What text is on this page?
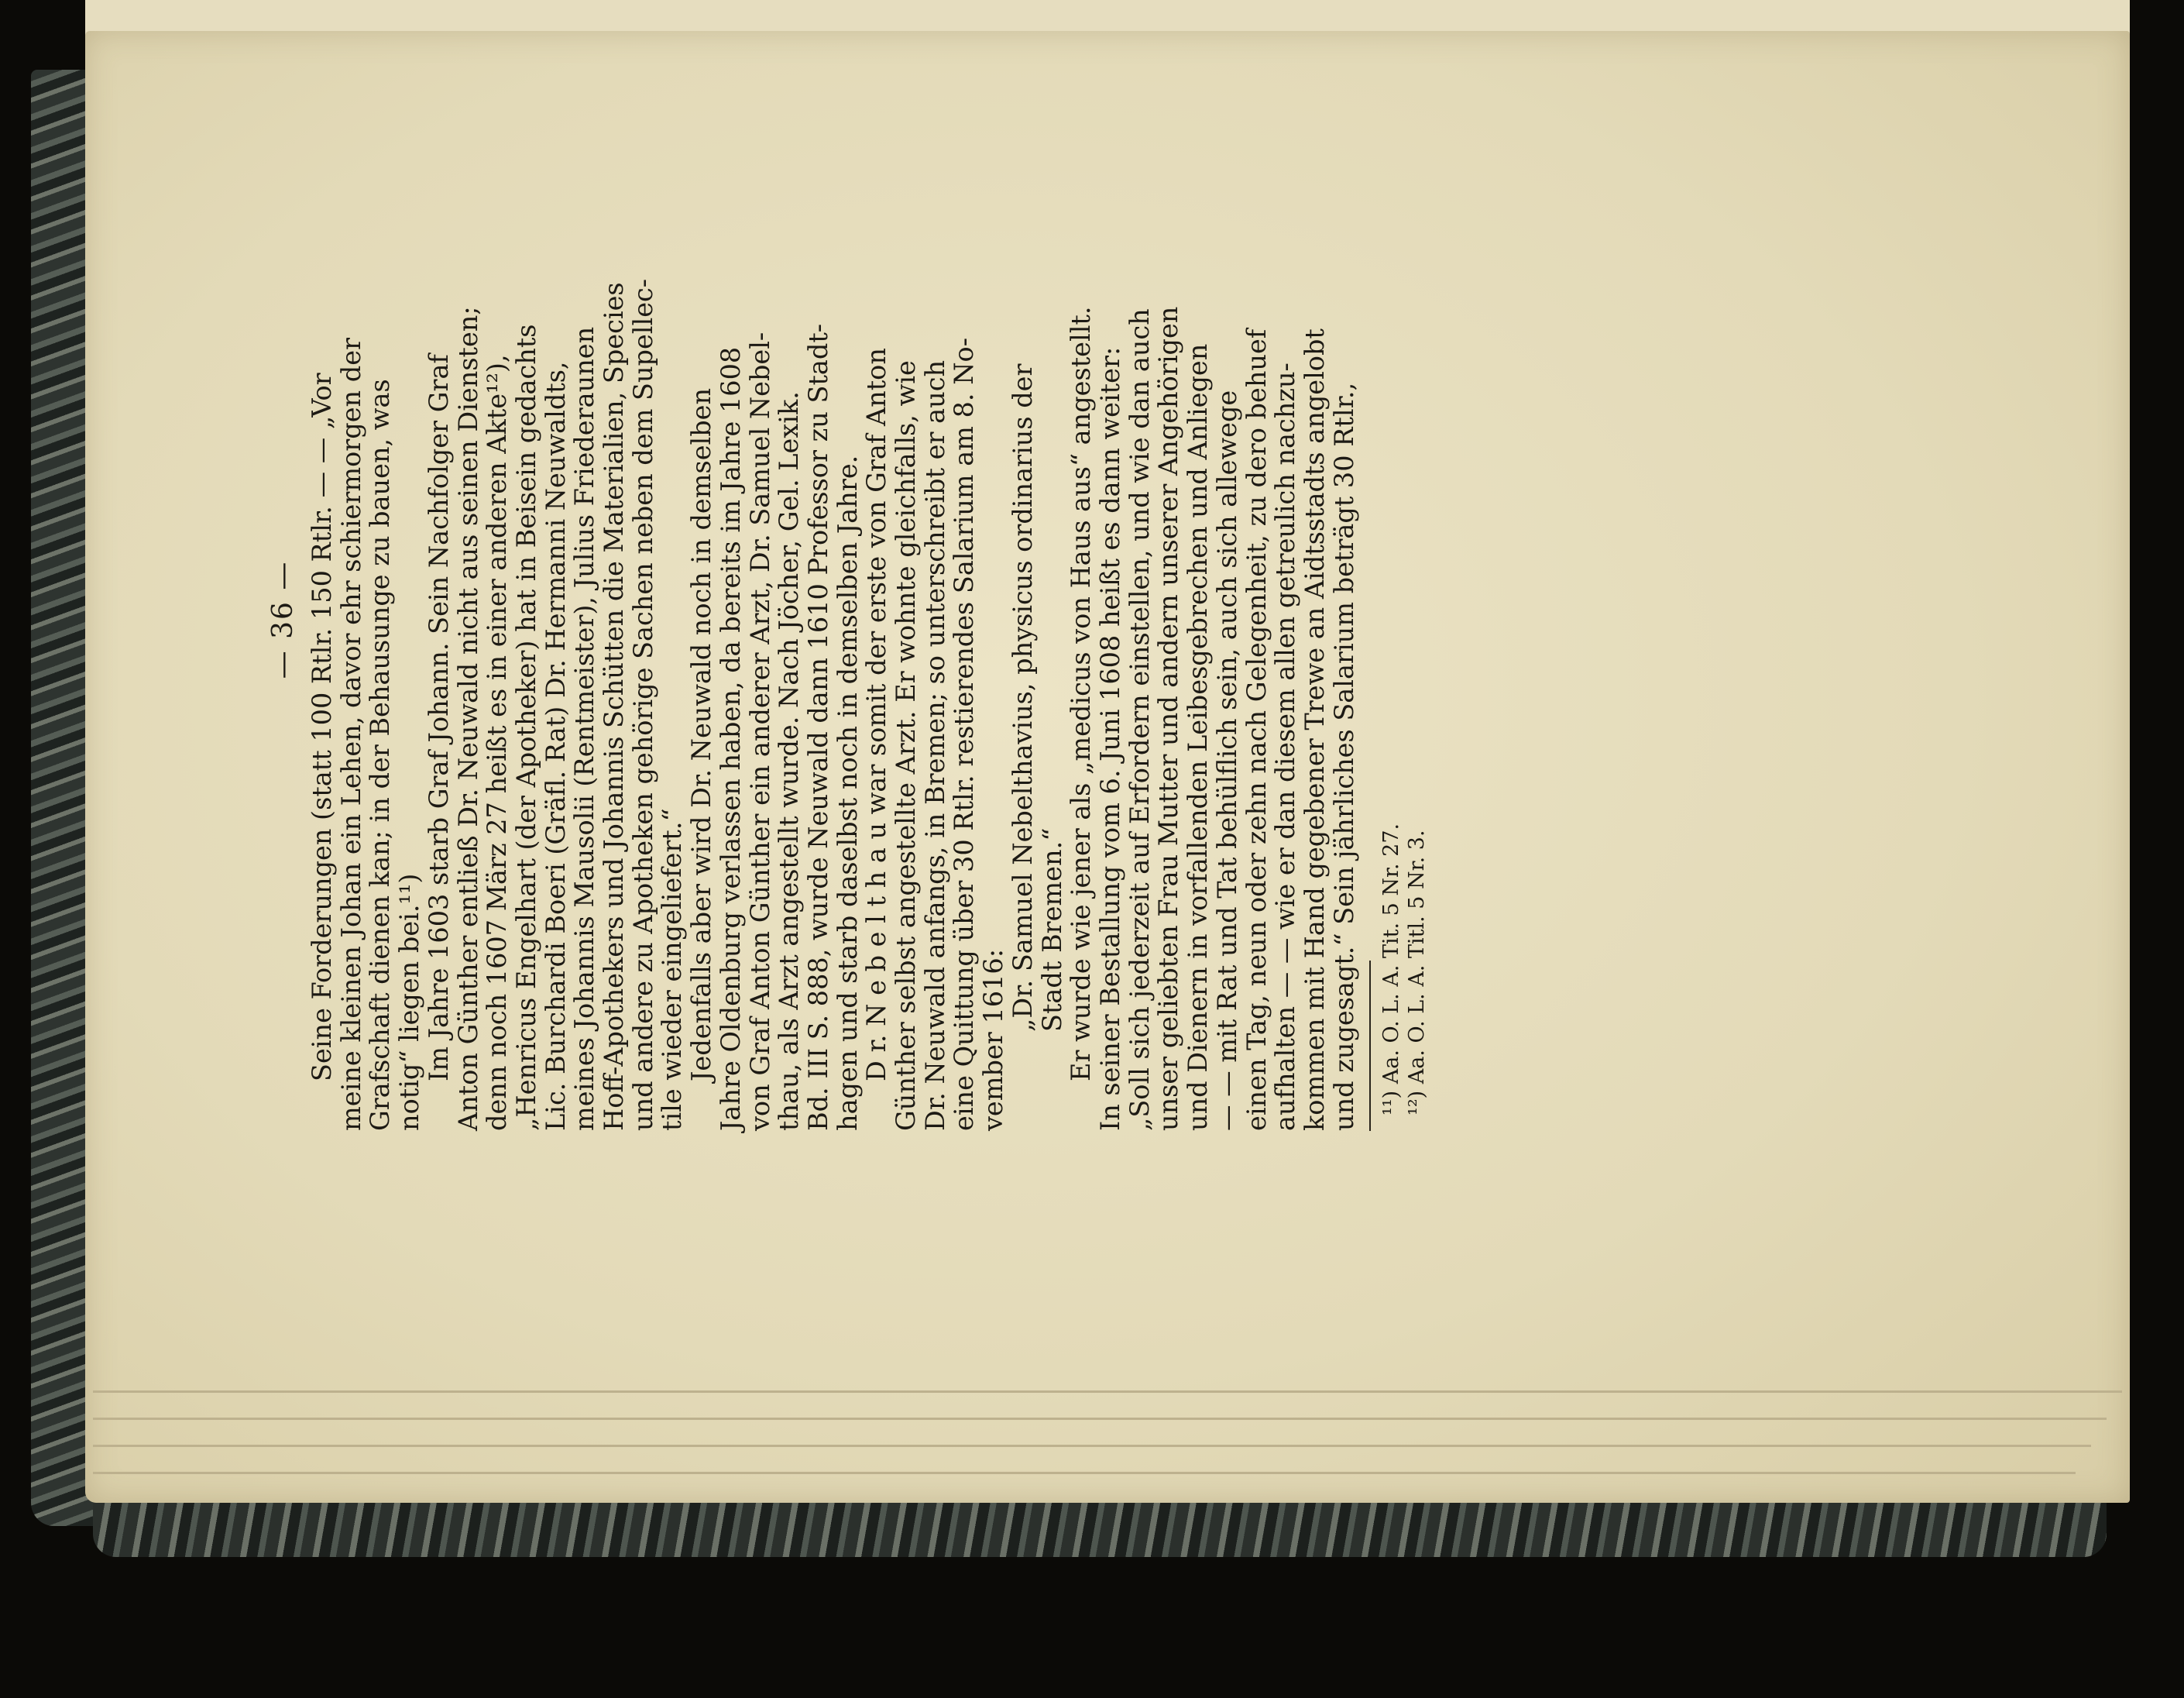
— 36 — Seine Forderungen (statt 100 Rtlr. 150 Rtlr. — — „Vor
meine kleinen Johan ein Lehen, davor ehr schiermorgen der
Grafschaft dienen kan; in der Behausunge zu bauen, was
notig“ liegen bei.¹¹)

Im Jahre 1603 starb Graf Johann. Sein Nachfolger Graf
Anton Günther entließ Dr. Neuwald nicht aus seinen Diensten;
denn noch 1607 März 27 heißt es in einer anderen Akte¹²),
„Henricus Engelhart (der Apotheker) hat in Beisein gedachts
Lic. Burchardi Boeri (Gräfl. Rat) Dr. Hermanni Neuwaldts,
meines Johannis Mausolii (Rentmeister), Julius Friederaunen
Hoff-Apothekers und Johannis Schütten die Materialien, Species
und andere zu Apotheken gehörige Sachen neben dem Supellec-
tile wieder eingeliefert.“

Jedenfalls aber wird Dr. Neuwald noch in demselben
Jahre Oldenburg verlassen haben, da bereits im Jahre 1608
von Graf Anton Günther ein anderer Arzt, Dr. Samuel Nebel-
thau, als Arzt angestellt wurde. Nach Jöcher, Gel. Lexik.
Bd. III S. 888, wurde Neuwald dann 1610 Professor zu Stadt-
hagen und starb daselbst noch in demselben Jahre.

D r. N e b e l t h a u war somit der erste von Graf Anton
Günther selbst angestellte Arzt. Er wohnte gleichfalls, wie
Dr. Neuwald anfangs, in Bremen; so unterschreibt er auch
eine Quittung über 30 Rtlr. restierendes Salarium am 8. No-
vember 1616:

„Dr. Samuel Nebelthavius, physicus ordinarius der

Stadt Bremen.“

Er wurde wie jener als „medicus von Haus aus“ angestellt.
In seiner Bestallung vom 6. Juni 1608 heißt es dann weiter:
„Soll sich jederzeit auf Erfordern einstellen, und wie dan auch
unser geliebten Frau Mutter und andern unserer Angehörigen
und Dienern in vorfallenden Leibesgebrechen und Anliegen
— — mit Rat und Tat behülflich sein, auch sich allewege
einen Tag, neun oder zehn nach Gelegenheit, zu dero behuef
aufhalten — — wie er dan diesem allen getreulich nachzu-
kommen mit Hand gegebener Trewe an Aidtsstadts angelobt
und zugesagt.“ Sein jährliches Salarium beträgt 30 Rtlr., ¹¹) Aa. O. L. A. Tit. 5 Nr. 27. ¹²) Aa. O. L. A. Titl. 5 Nr. 3.
